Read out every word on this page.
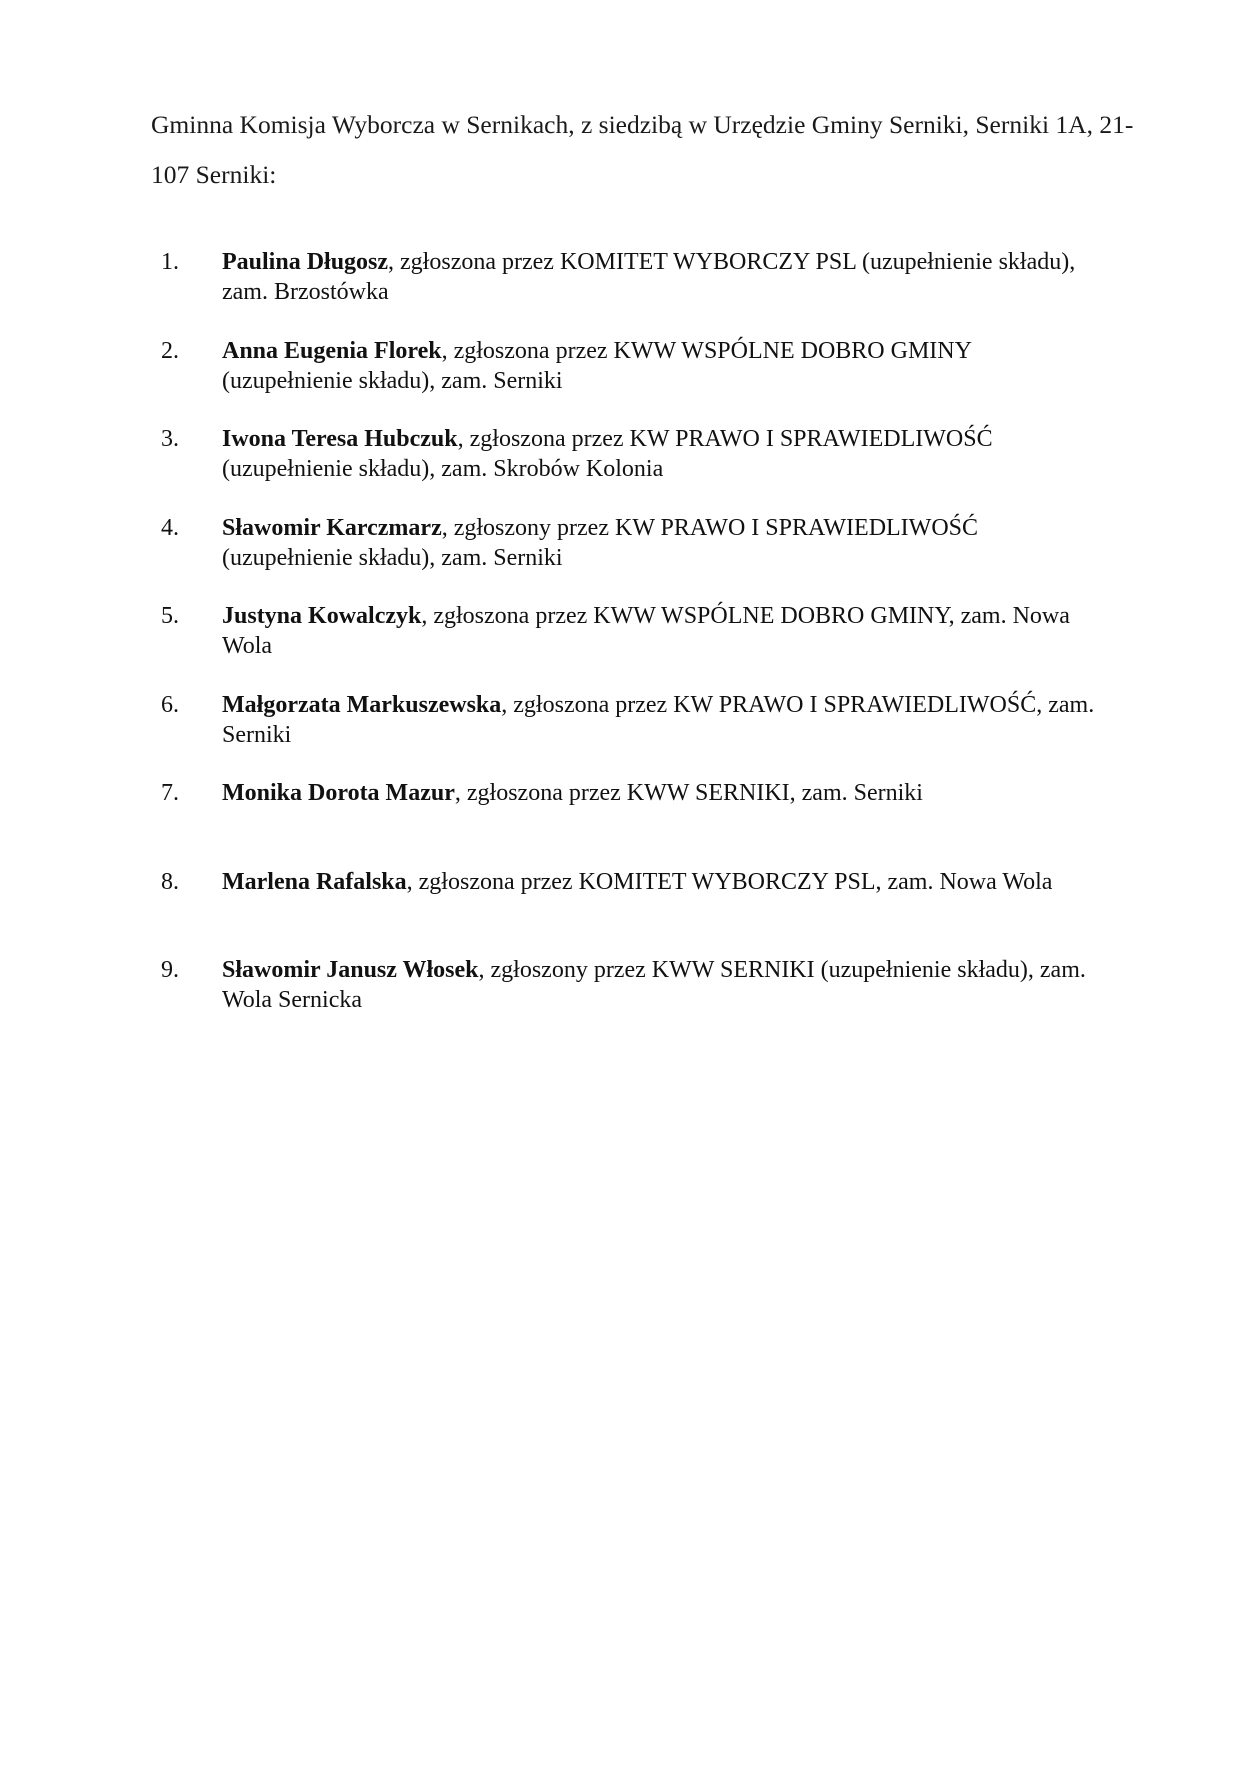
Gminna Komisja Wyborcza w Sernikach, z siedzibą w Urzędzie Gminy Serniki, Serniki 1A, 21-107 Serniki:

1.	Paulina Długosz, zgłoszona przez KOMITET WYBORCZY PSL (uzupełnienie składu), zam. Brzostówka
2.	Anna Eugenia Florek, zgłoszona przez KWW WSPÓLNE DOBRO GMINY (uzupełnienie składu), zam. Serniki
3.	Iwona Teresa Hubczuk, zgłoszona przez KW PRAWO I SPRAWIEDLIWOŚĆ (uzupełnienie składu), zam. Skrobów Kolonia
4.	Sławomir Karczmarz, zgłoszony przez KW PRAWO I SPRAWIEDLIWOŚĆ (uzupełnienie składu), zam. Serniki
5.	Justyna Kowalczyk, zgłoszona przez KWW WSPÓLNE DOBRO GMINY, zam. Nowa Wola
6.	Małgorzata Markuszewska, zgłoszona przez KW PRAWO I SPRAWIEDLIWOŚĆ, zam. Serniki
7.	Monika Dorota Mazur, zgłoszona przez KWW SERNIKI, zam. Serniki
8.	Marlena Rafalska, zgłoszona przez KOMITET WYBORCZY PSL, zam. Nowa Wola
9.	Sławomir Janusz Włosek, zgłoszony przez KWW SERNIKI (uzupełnienie składu), zam. Wola Sernicka
